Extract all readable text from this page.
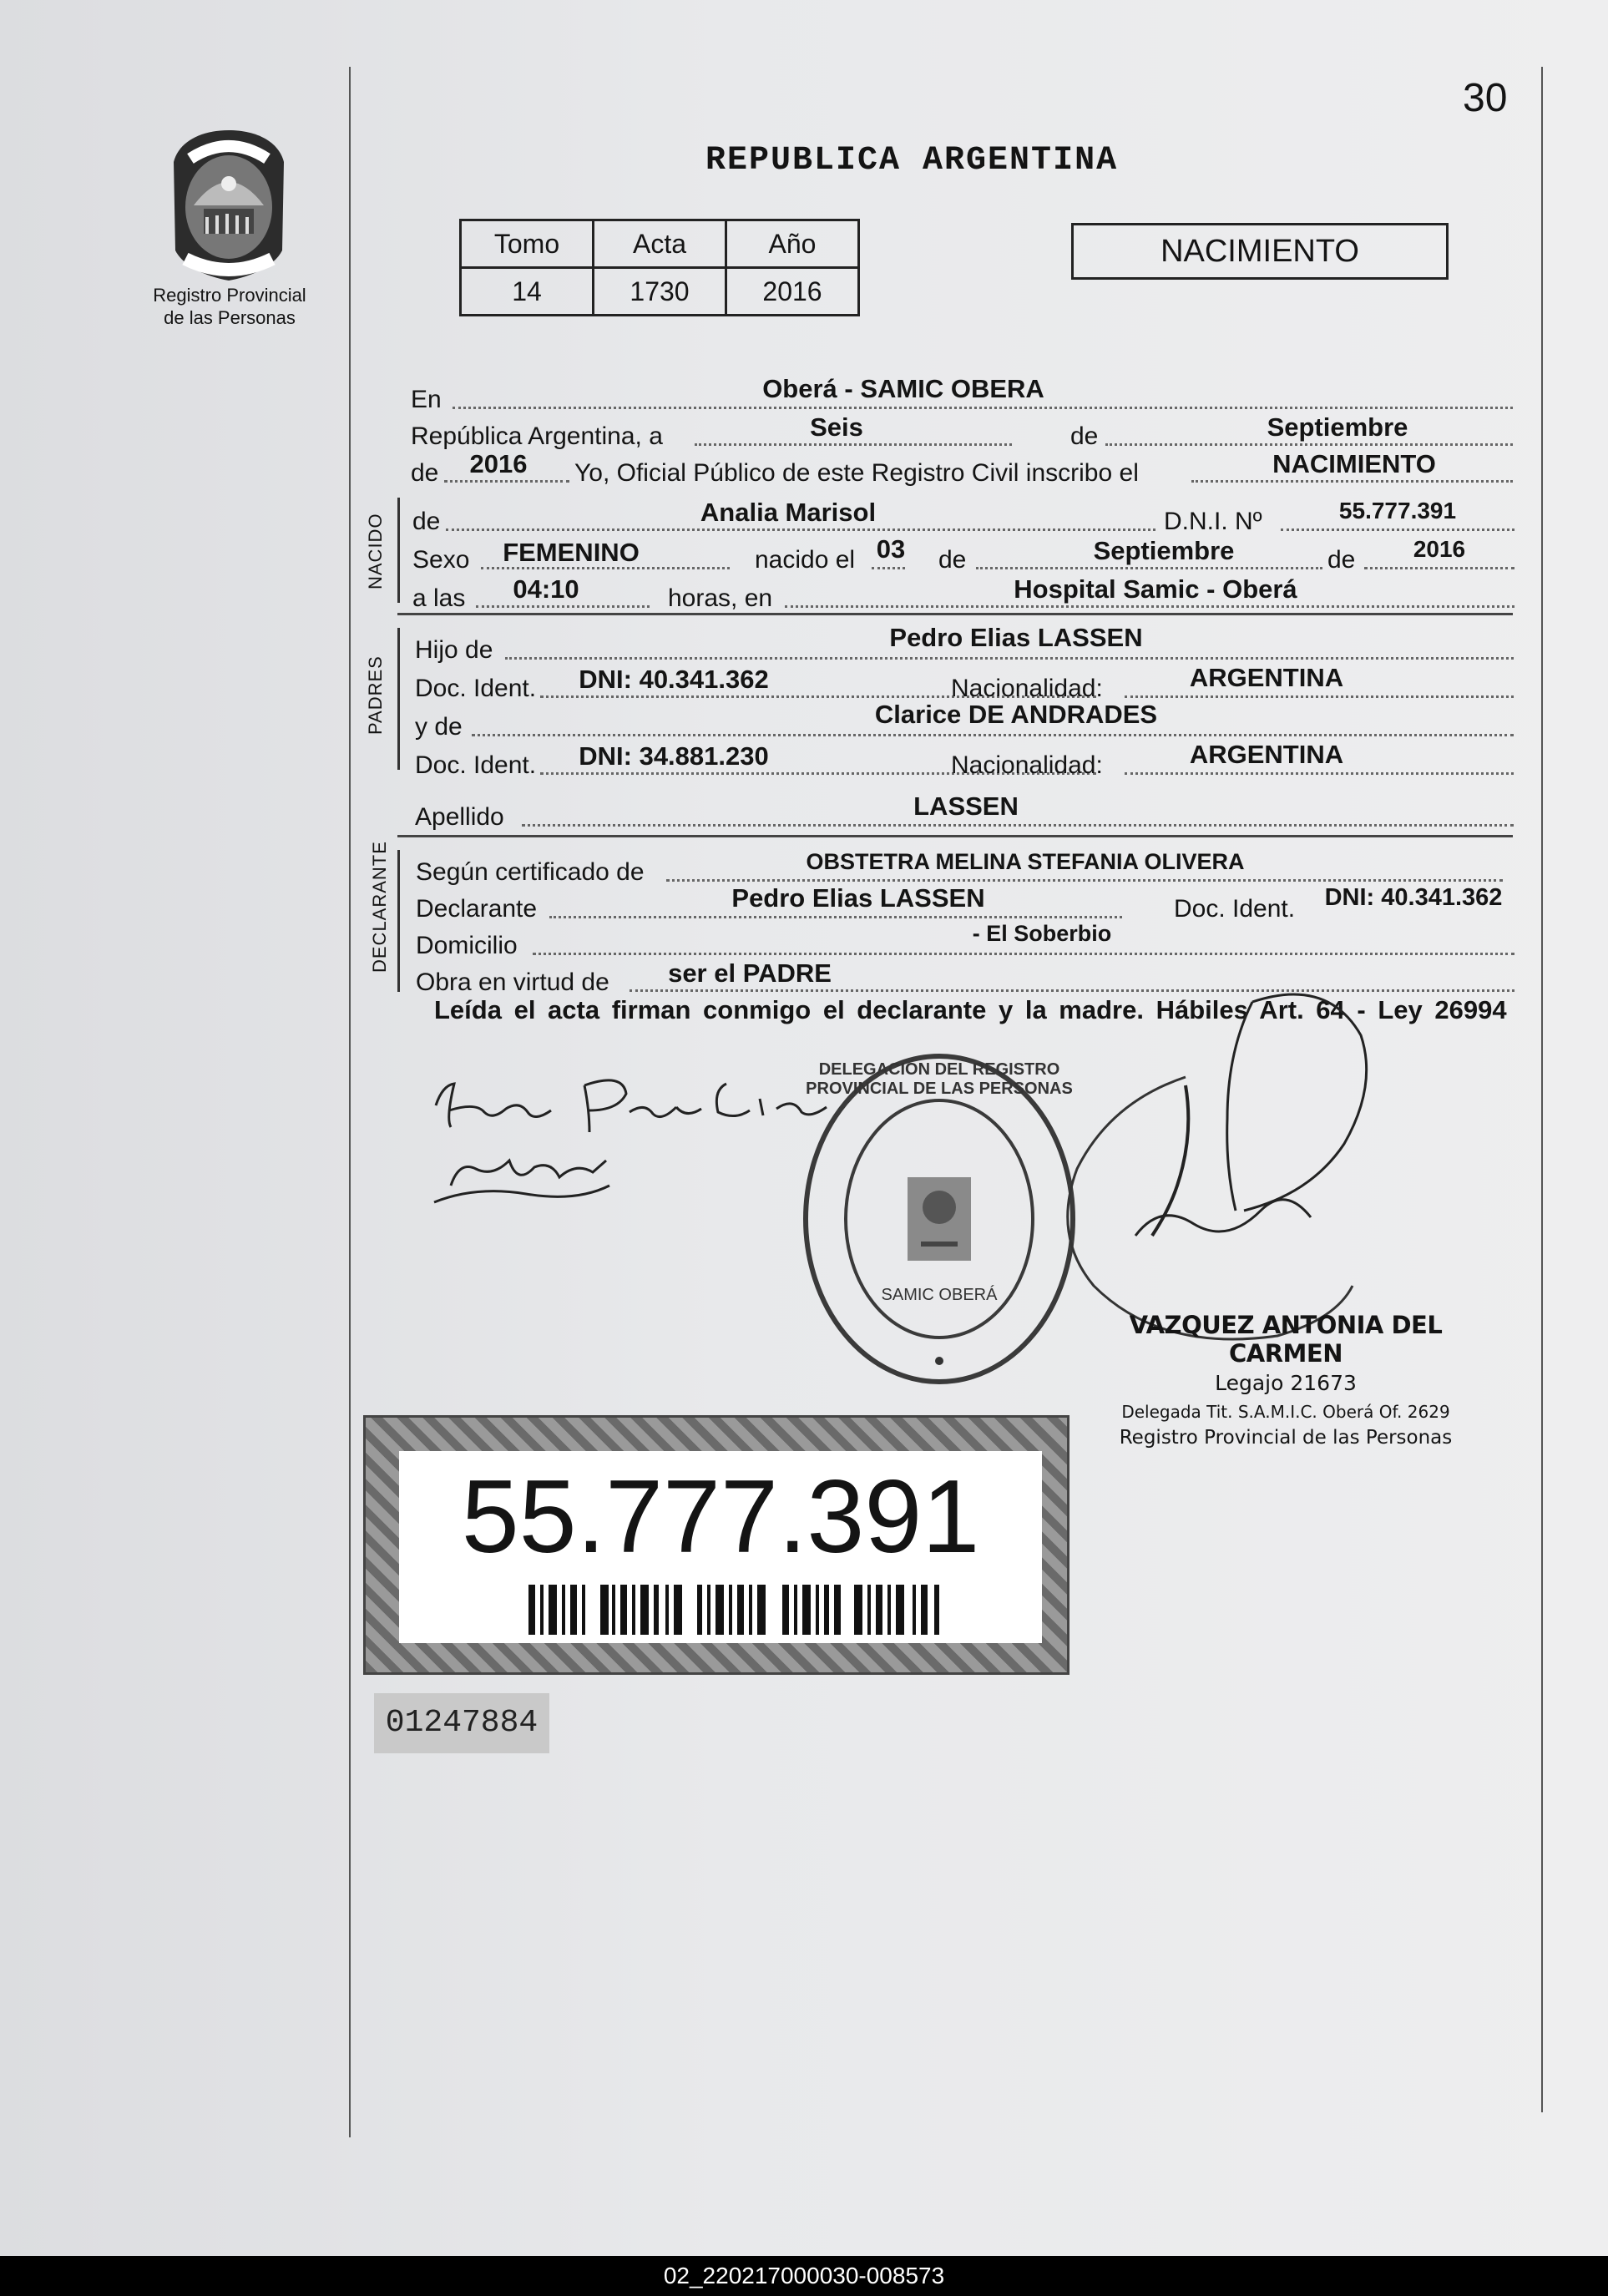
30
Registro Provincial
de las Personas
REPUBLICA ARGENTINA
Tomo	Acta	Año
14	1730	2016
NACIMIENTO
En	Oberá - SAMIC OBERA
República Argentina, a	Seis	de	Septiembre
de	2016	Yo, Oficial Público de este Registro Civil inscribo el	NACIMIENTO
NACIDO de	Analia Marisol	D.N.I. Nº	55.777.391
Sexo FEMENINO	nacido el 03 de	Septiembre	de	2016
a las	04:10	horas, en	Hospital Samic - Oberá
PADRES
Hijo de	Pedro Elias LASSEN
Doc. Ident.	DNI: 40.341.362	Nacionalidad:	ARGENTINA
y de	Clarice DE ANDRADES
Doc. Ident.	DNI: 34.881.230	Nacionalidad:	ARGENTINA
Apellido	LASSEN
DECLARANTE Según certificado de	OBSTETRA MELINA STEFANIA OLIVERA
Declarante	Pedro Elias LASSEN	Doc. Ident.	DNI: 40.341.362
Domicilio	- El Soberbio
Obra en virtud de ser el PADRE
Leída el acta firman conmigo el declarante y la madre. Hábiles Art. 64 - Ley 26994
DELEGACIÓN DEL REGISTRO PROVINCIAL DE LAS PERSONAS
SAMIC OBERÁ
VAZQUEZ ANTONIA DEL CARMEN
Legajo 21673
Delegada Tit. S.A.M.I.C. Oberá Of. 2629
Registro Provincial de las Personas
55.777.391
01247884
02_220217000030-008573
